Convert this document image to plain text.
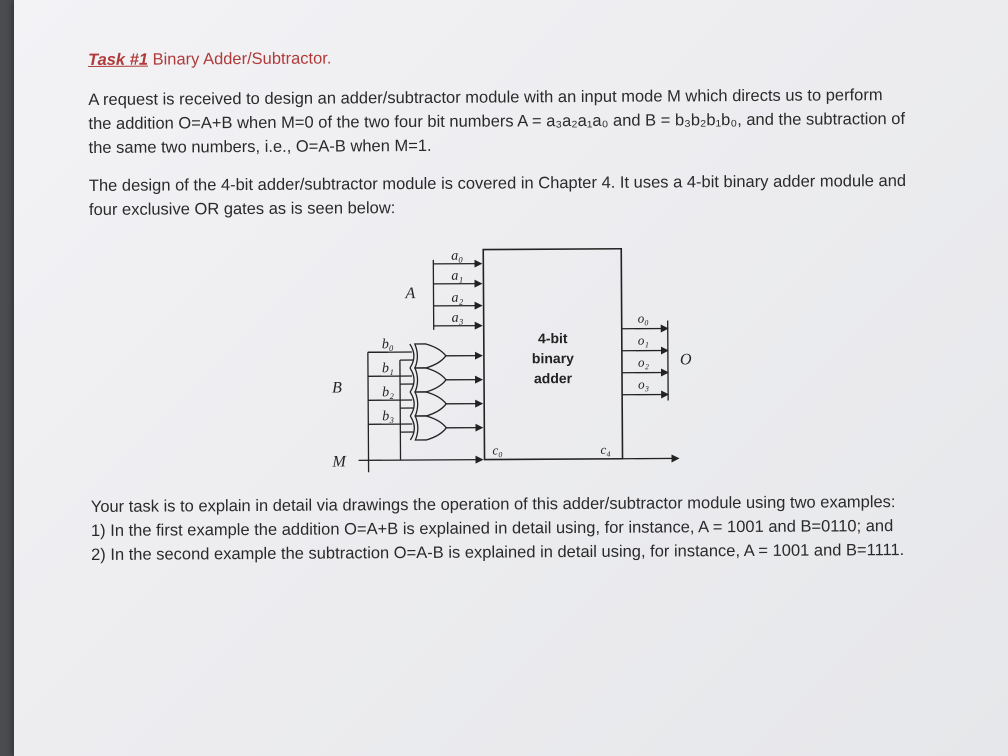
Task #1 Binary Adder/Subtractor.

A request is received to design an adder/subtractor module with an input mode M which directs us to perform the addition O=A+B when M=0 of the two four bit numbers A = a₃a₂a₁a₀ and B = b₃b₂b₁b₀, and the subtraction of the same two numbers, i.e., O=A-B when M=1.

The design of the 4-bit adder/subtractor module is covered in Chapter 4. It uses a 4-bit binary adder module and four exclusive OR gates as is seen below:

4-bit
binary
adder
a₀
a₁
a₂
a₃
A
b₀
b₁
b₂
b₃
B
M
c₀	c₄
o₀
o₁
o₂
o₃
O

Your task is to explain in detail via drawings the operation of this adder/subtractor module using two examples: 1) In the first example the addition O=A+B is explained in detail using, for instance, A = 1001 and B=0110; and 2) In the second example the subtraction O=A-B is explained in detail using, for instance, A = 1001 and B=1111.
